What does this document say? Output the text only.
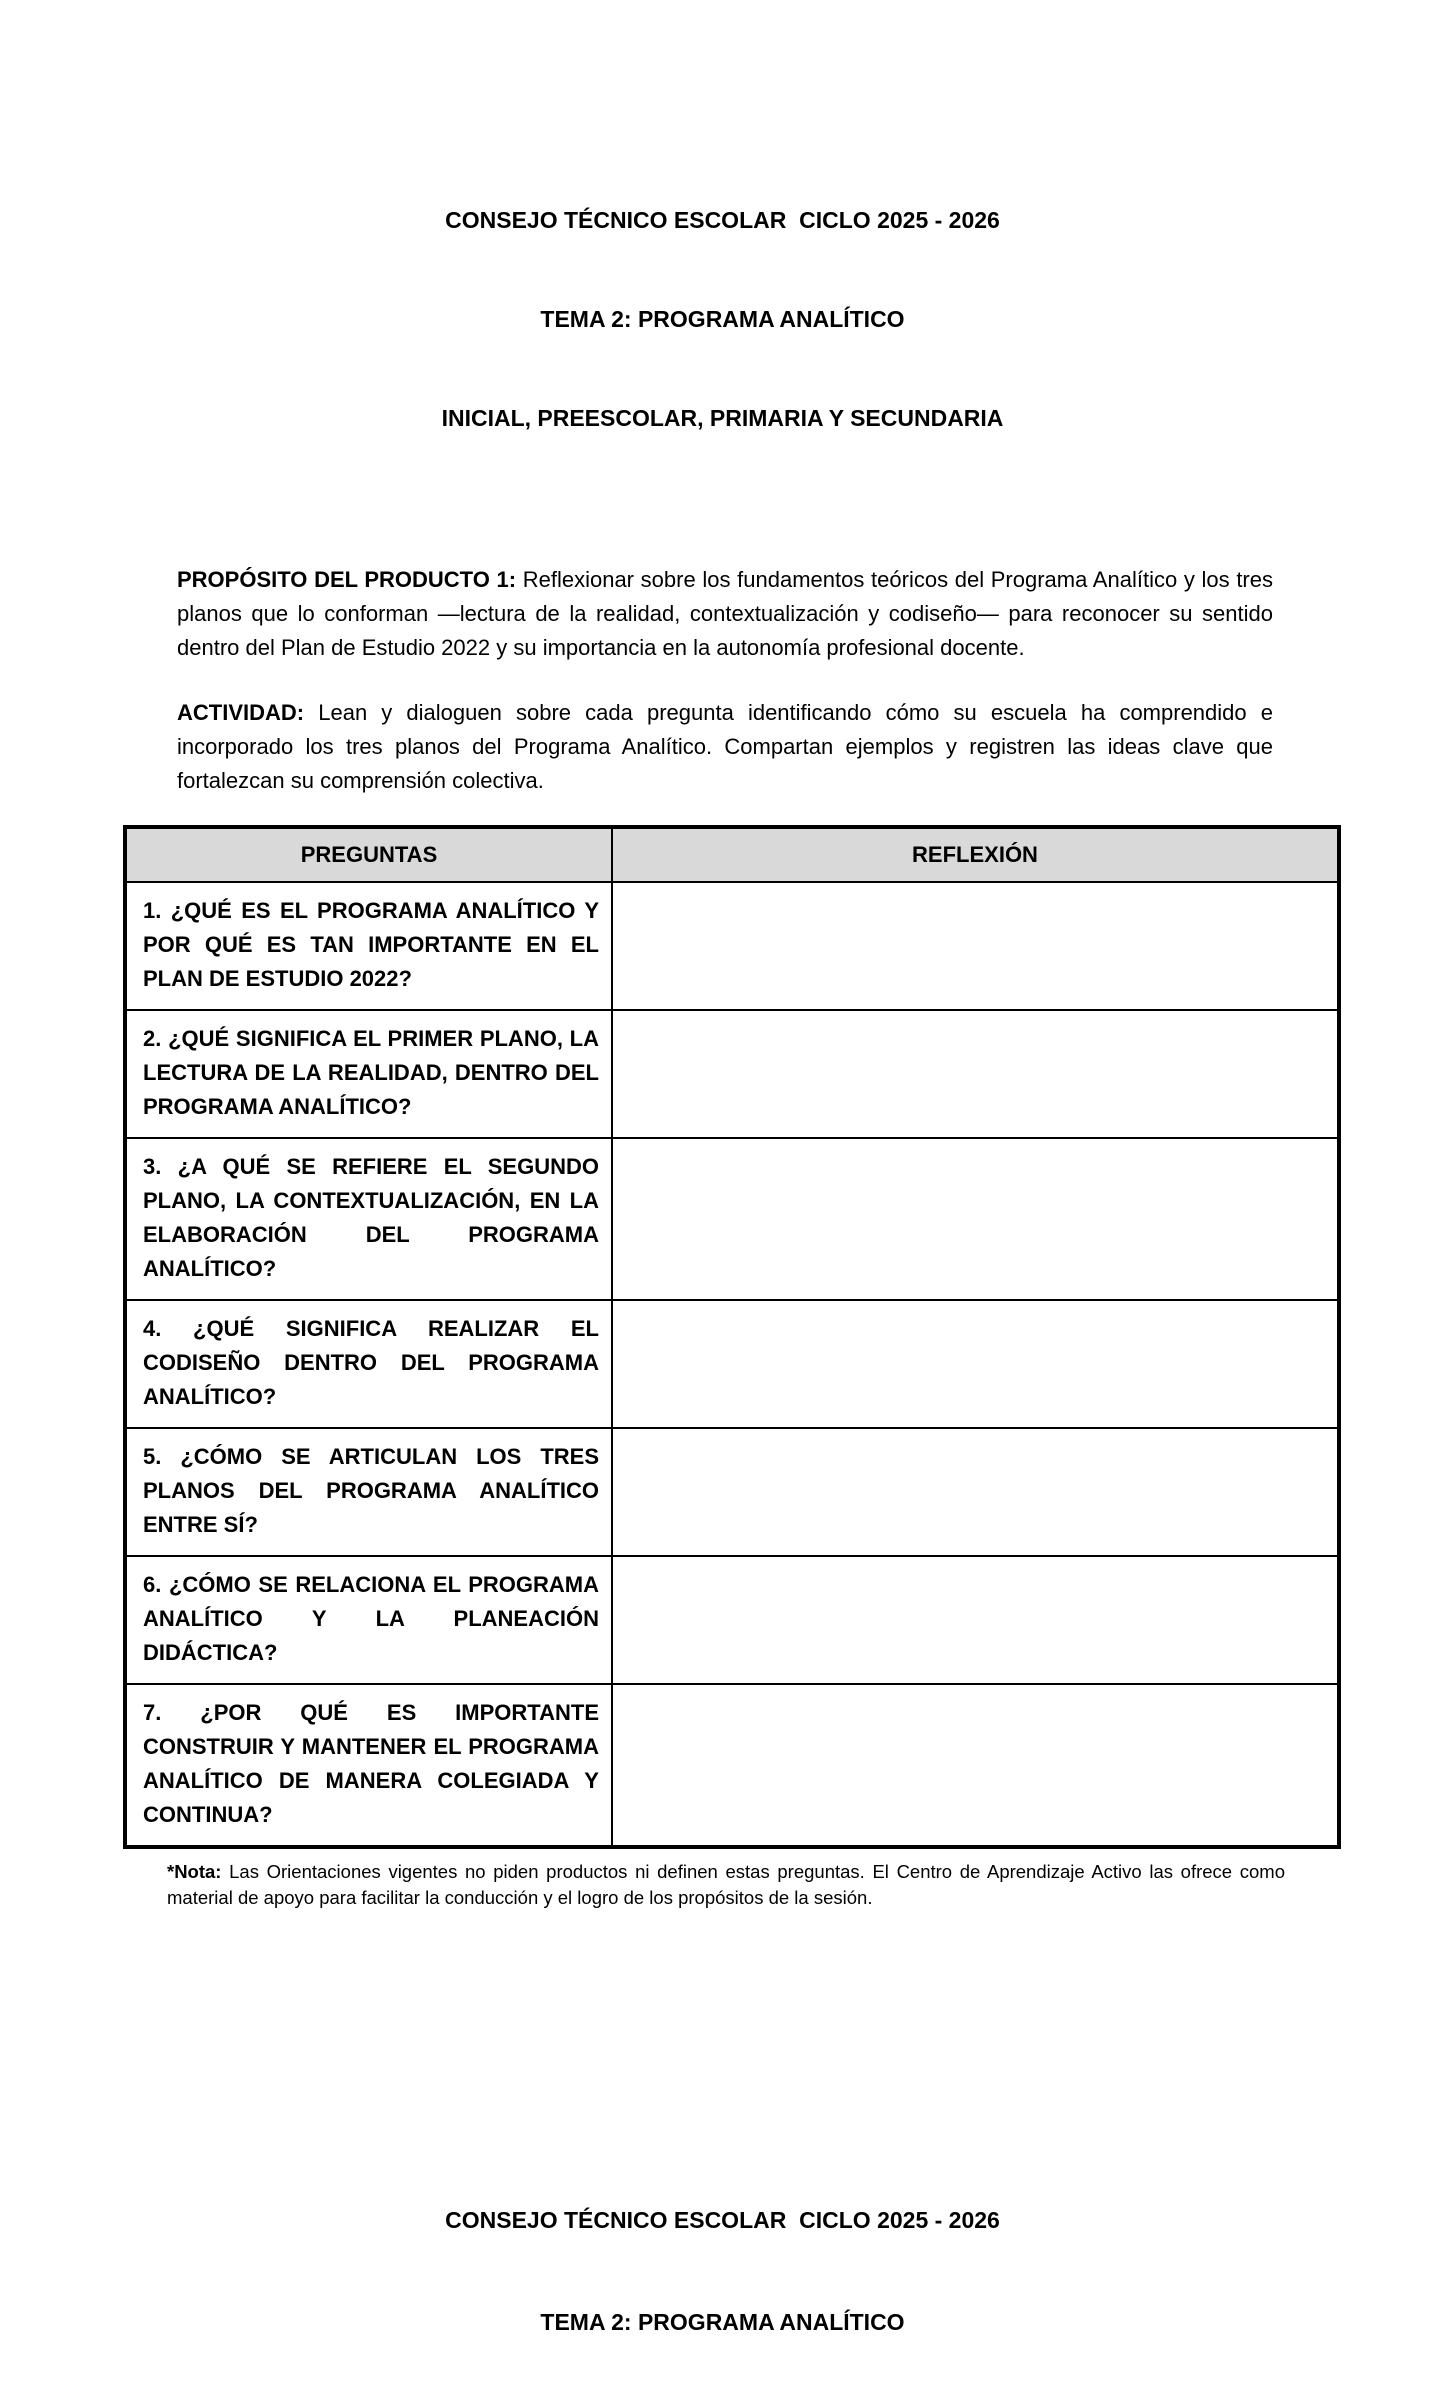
CONSEJO TÉCNICO ESCOLAR  CICLO 2025 - 2026

TEMA 2: PROGRAMA ANALÍTICO

INICIAL, PREESCOLAR, PRIMARIA Y SECUNDARIA

PROPÓSITO DEL PRODUCTO 1: Reflexionar sobre los fundamentos teóricos del Programa Analítico y los tres planos que lo conforman —lectura de la realidad, contextualización y codiseño— para reconocer su sentido dentro del Plan de Estudio 2022 y su importancia en la autonomía profesional docente.

ACTIVIDAD: Lean y dialoguen sobre cada pregunta identificando cómo su escuela ha comprendido e incorporado los tres planos del Programa Analítico. Compartan ejemplos y registren las ideas clave que fortalezcan su comprensión colectiva.

PREGUNTAS	REFLEXIÓN
1. ¿QUÉ ES EL PROGRAMA ANALÍTICO Y POR QUÉ ES TAN IMPORTANTE EN EL PLAN DE ESTUDIO 2022?	
2. ¿QUÉ SIGNIFICA EL PRIMER PLANO, LA LECTURA DE LA REALIDAD, DENTRO DEL PROGRAMA ANALÍTICO?	
3. ¿A QUÉ SE REFIERE EL SEGUNDO PLANO, LA CONTEXTUALIZACIÓN, EN LA ELABORACIÓN DEL PROGRAMA ANALÍTICO?	
4. ¿QUÉ SIGNIFICA REALIZAR EL CODISEÑO DENTRO DEL PROGRAMA ANALÍTICO?	
5. ¿CÓMO SE ARTICULAN LOS TRES PLANOS DEL PROGRAMA ANALÍTICO ENTRE SÍ?	
6. ¿CÓMO SE RELACIONA EL PROGRAMA ANALÍTICO Y LA PLANEACIÓN DIDÁCTICA?	
7. ¿POR QUÉ ES IMPORTANTE CONSTRUIR Y MANTENER EL PROGRAMA ANALÍTICO DE MANERA COLEGIADA Y CONTINUA?	

*Nota: Las Orientaciones vigentes no piden productos ni definen estas preguntas. El Centro de Aprendizaje Activo las ofrece como material de apoyo para facilitar la conducción y el logro de los propósitos de la sesión.

CONSEJO TÉCNICO ESCOLAR  CICLO 2025 - 2026

TEMA 2: PROGRAMA ANALÍTICO
